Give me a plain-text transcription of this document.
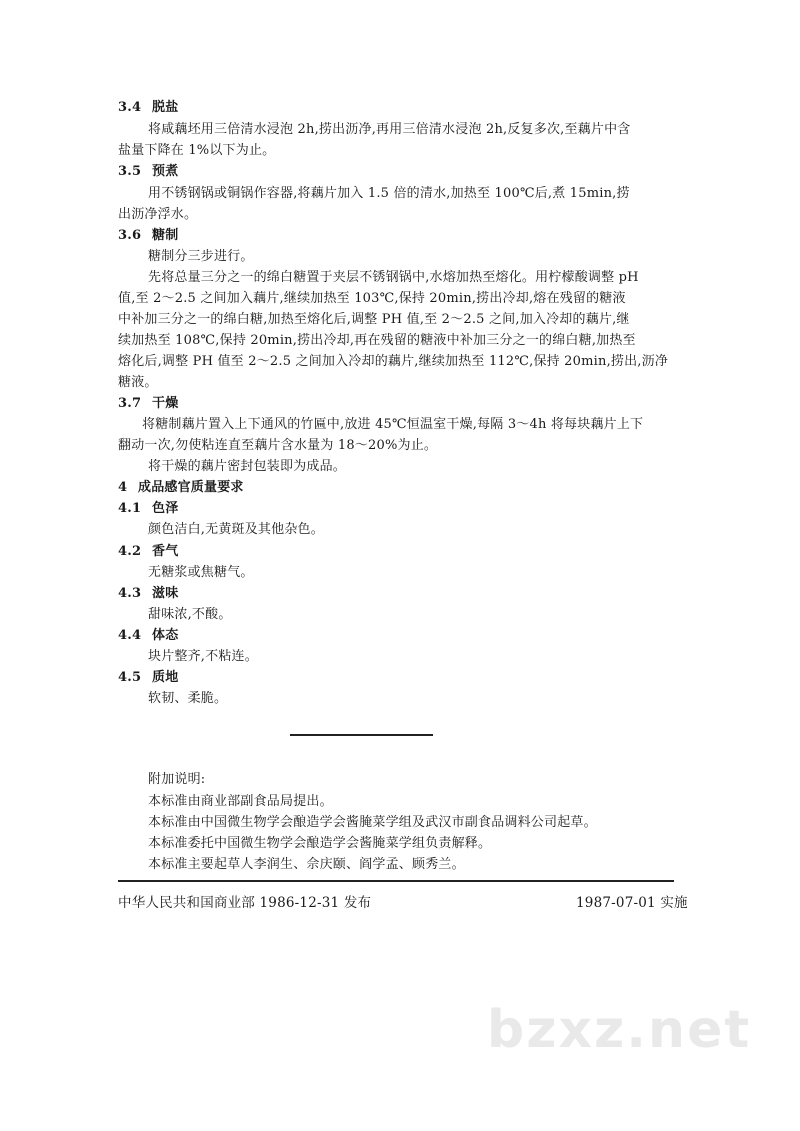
3.4 脱盐
将咸藕坯用三倍清水浸泡 2h,捞出沥净,再用三倍清水浸泡 2h,反复多次,至藕片中含
盐量下降在 1%以下为止。
3.5 预煮
用不锈钢锅或铜锅作容器,将藕片加入 1.5 倍的清水,加热至 100℃后,煮 15min,捞
出沥净浮水。
3.6 糖制
糖制分三步进行。
先将总量三分之一的绵白糖置于夹层不锈钢锅中,水熔加热至熔化。用柠檬酸调整 pH
值,至 2～2.5 之间加入藕片,继续加热至 103℃,保持 20min,捞出冷却,熔在残留的糖液
中补加三分之一的绵白糖,加热至熔化后,调整 PH 值,至 2～2.5 之间,加入冷却的藕片,继
续加热至 108℃,保持 20min,捞出冷却,再在残留的糖液中补加三分之一的绵白糖,加热至
熔化后,调整 PH 值至 2～2.5 之间加入冷却的藕片,继续加热至 112℃,保持 20min,捞出,沥净
糖液。
3.7 干燥
将糖制藕片置入上下通风的竹匾中,放进 45℃恒温室干燥,每隔 3～4h 将每块藕片上下
翻动一次,勿使粘连直至藕片含水量为 18～20%为止。
将干燥的藕片密封包装即为成品。
4 成品感官质量要求
4.1 色泽
颜色洁白,无黄斑及其他杂色。
4.2 香气
无糖浆或焦糖气。
4.3 滋味
甜味浓,不酸。
4.4 体态
块片整齐,不粘连。
4.5 质地
软韧、柔脆。
附加说明:
本标准由商业部副食品局提出。
本标准由中国微生物学会酿造学会酱腌菜学组及武汉市副食品调料公司起草。
本标准委托中国微生物学会酿造学会酱腌菜学组负责解释。
本标准主要起草人李润生、佘庆颐、阎学孟、顾秀兰。
中华人民共和国商业部 1986-12-31 发布	1987-07-01 实施
bzxz.net
